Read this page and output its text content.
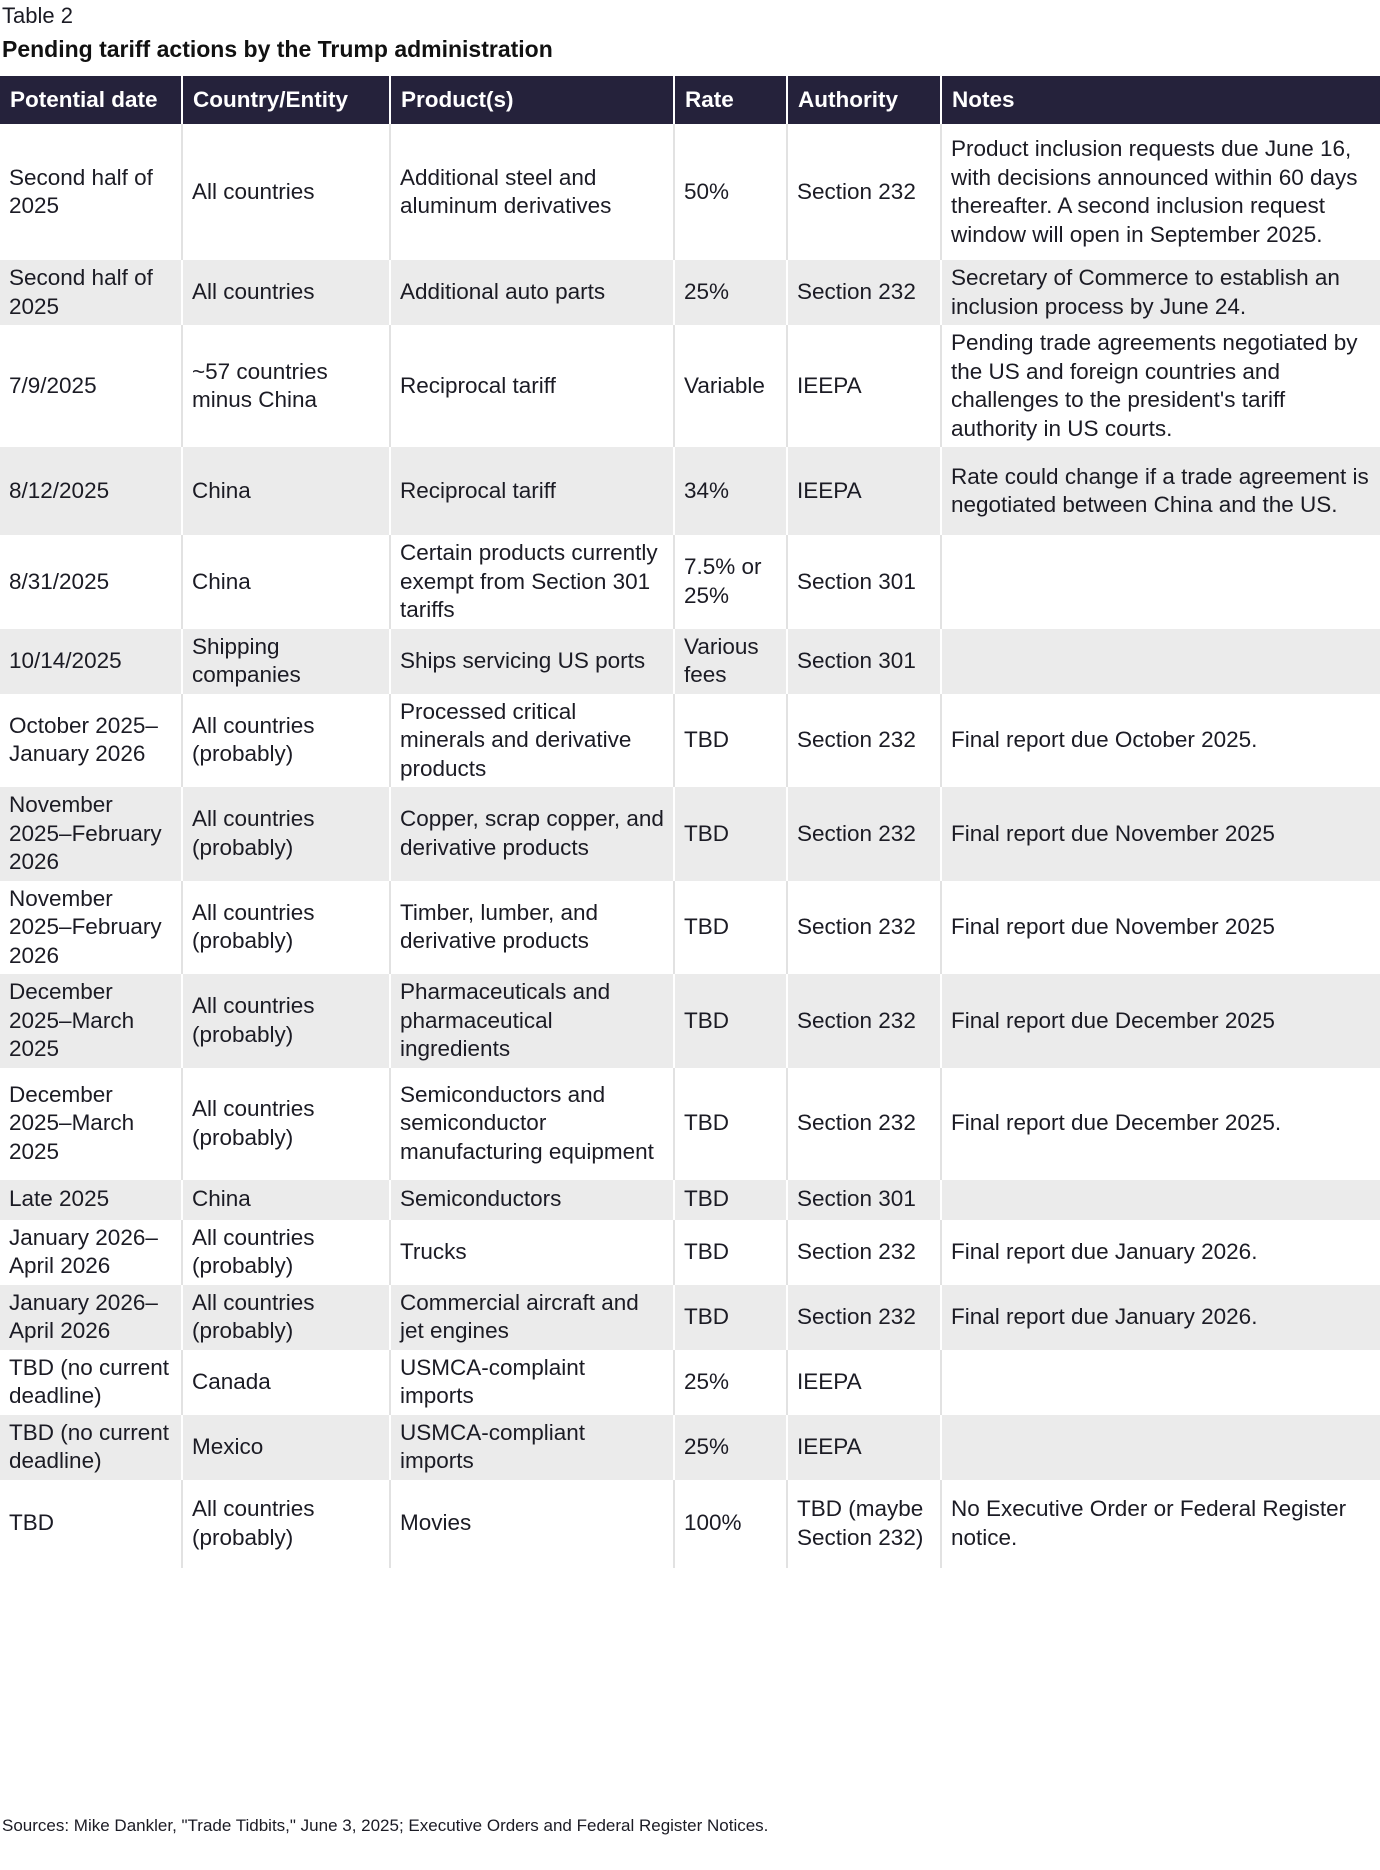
Table 2
Pending tariff actions by the Trump administration
Potential date	Country/Entity	Product(s)	Rate	Authority	Notes
Second half of 2025	All countries	Additional steel and aluminum derivatives	50%	Section 232	Product inclusion requests due June 16, with decisions announced within 60 days thereafter. A second inclusion request window will open in September 2025.
Second half of 2025	All countries	Additional auto parts	25%	Section 232	Secretary of Commerce to establish an inclusion process by June 24.
7/9/2025	~57 countries minus China	Reciprocal tariff	Variable	IEEPA	Pending trade agreements negotiated by the US and foreign countries and challenges to the president's tariff authority in US courts.
8/12/2025	China	Reciprocal tariff	34%	IEEPA	Rate could change if a trade agreement is negotiated between China and the US.
8/31/2025	China	Certain products currently exempt from Section 301 tariffs	7.5% or 25%	Section 301	
10/14/2025	Shipping companies	Ships servicing US ports	Various fees	Section 301	
October 2025–January 2026	All countries (probably)	Processed critical minerals and derivative products	TBD	Section 232	Final report due October 2025.
November 2025–February 2026	All countries (probably)	Copper, scrap copper, and derivative products	TBD	Section 232	Final report due November 2025
November 2025–February 2026	All countries (probably)	Timber, lumber, and derivative products	TBD	Section 232	Final report due November 2025
December 2025–March 2025	All countries (probably)	Pharmaceuticals and pharmaceutical ingredients	TBD	Section 232	Final report due December 2025
December 2025–March 2025	All countries (probably)	Semiconductors and semiconductor manufacturing equipment	TBD	Section 232	Final report due December 2025.
Late 2025	China	Semiconductors	TBD	Section 301	
January 2026–April 2026	All countries (probably)	Trucks	TBD	Section 232	Final report due January 2026.
January 2026–April 2026	All countries (probably)	Commercial aircraft and jet engines	TBD	Section 232	Final report due January 2026.
TBD (no current deadline)	Canada	USMCA-complaint imports	25%	IEEPA	
TBD (no current deadline)	Mexico	USMCA-compliant imports	25%	IEEPA	
TBD	All countries (probably)	Movies	100%	TBD (maybe Section 232)	No Executive Order or Federal Register notice.
Sources: Mike Dankler, "Trade Tidbits," June 3, 2025; Executive Orders and Federal Register Notices.
